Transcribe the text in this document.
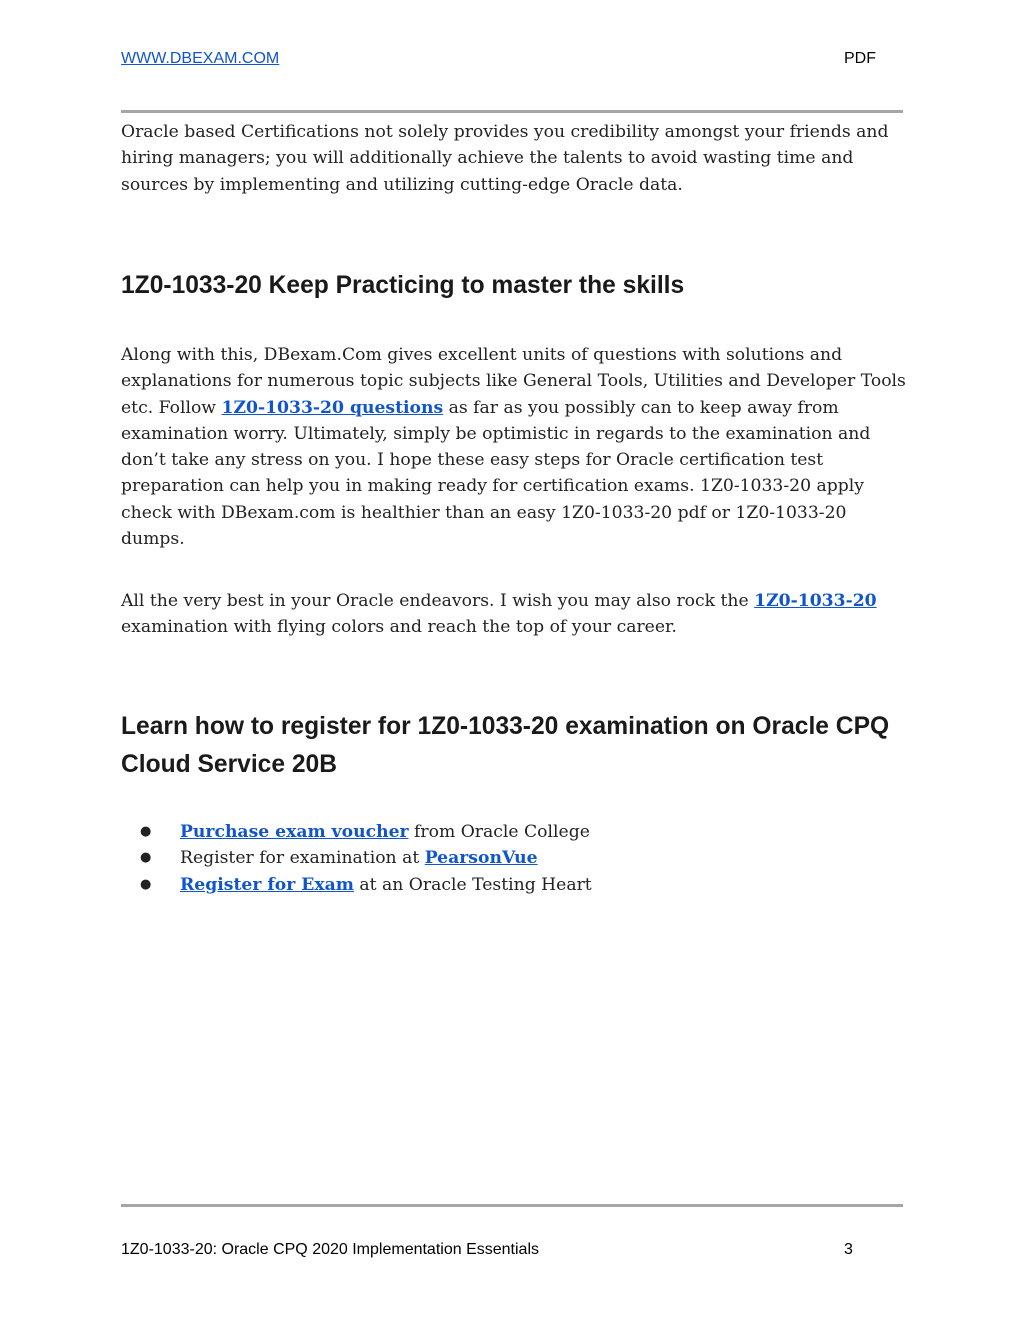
WWW.DBEXAM.COM	PDF

Oracle based Certifications not solely provides you credibility amongst your friends and hiring managers; you will additionally achieve the talents to avoid wasting time and sources by implementing and utilizing cutting-edge Oracle data.

1Z0-1033-20 Keep Practicing to master the skills

Along with this, DBexam.Com gives excellent units of questions with solutions and explanations for numerous topic subjects like General Tools, Utilities and Developer Tools etc. Follow 1Z0-1033-20 questions as far as you possibly can to keep away from examination worry. Ultimately, simply be optimistic in regards to the examination and don’t take any stress on you. I hope these easy steps for Oracle certification test preparation can help you in making ready for certification exams. 1Z0-1033-20 apply check with DBexam.com is healthier than an easy 1Z0-1033-20 pdf or 1Z0-1033-20 dumps.

All the very best in your Oracle endeavors. I wish you may also rock the 1Z0-1033-20 examination with flying colors and reach the top of your career.

Learn how to register for 1Z0-1033-20 examination on Oracle CPQ Cloud Service 20B
● Purchase exam voucher from Oracle College
● Register for examination at PearsonVue
● Register for Exam at an Oracle Testing Heart
1Z0-1033-20: Oracle CPQ 2020 Implementation Essentials	3
